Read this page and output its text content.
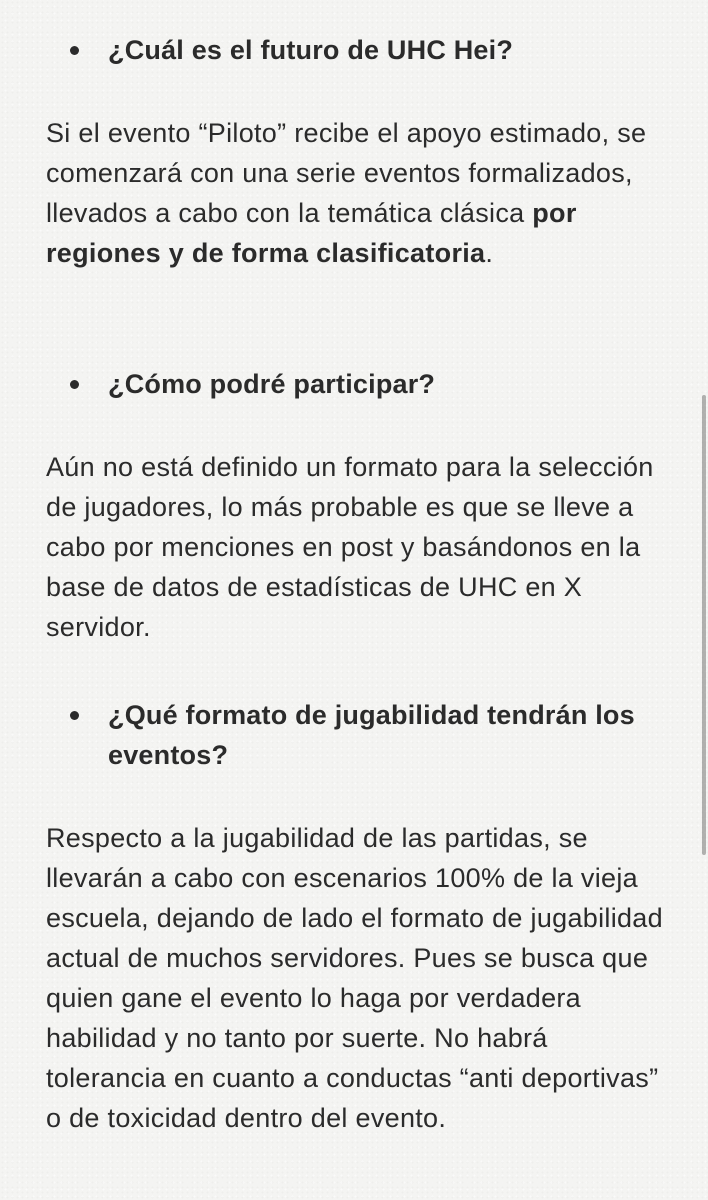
¿Cuál es el futuro de UHC Hei?
Si el evento “Piloto” recibe el apoyo estimado, se comenzará con una serie eventos formalizados, llevados a cabo con la temática clásica por regiones y de forma clasificatoria.
¿Cómo podré participar?
Aún no está definido un formato para la selección de jugadores, lo más probable es que se lleve a cabo por menciones en post y basándonos en la base de datos de estadísticas de UHC en X servidor.
¿Qué formato de jugabilidad tendrán los eventos?
Respecto a la jugabilidad de las partidas, se llevarán a cabo con escenarios 100% de la vieja escuela, dejando de lado el formato de jugabilidad actual de muchos servidores. Pues se busca que quien gane el evento lo haga por verdadera habilidad y no tanto por suerte. No habrá tolerancia en cuanto a conductas “anti deportivas” o de toxicidad dentro del evento.
